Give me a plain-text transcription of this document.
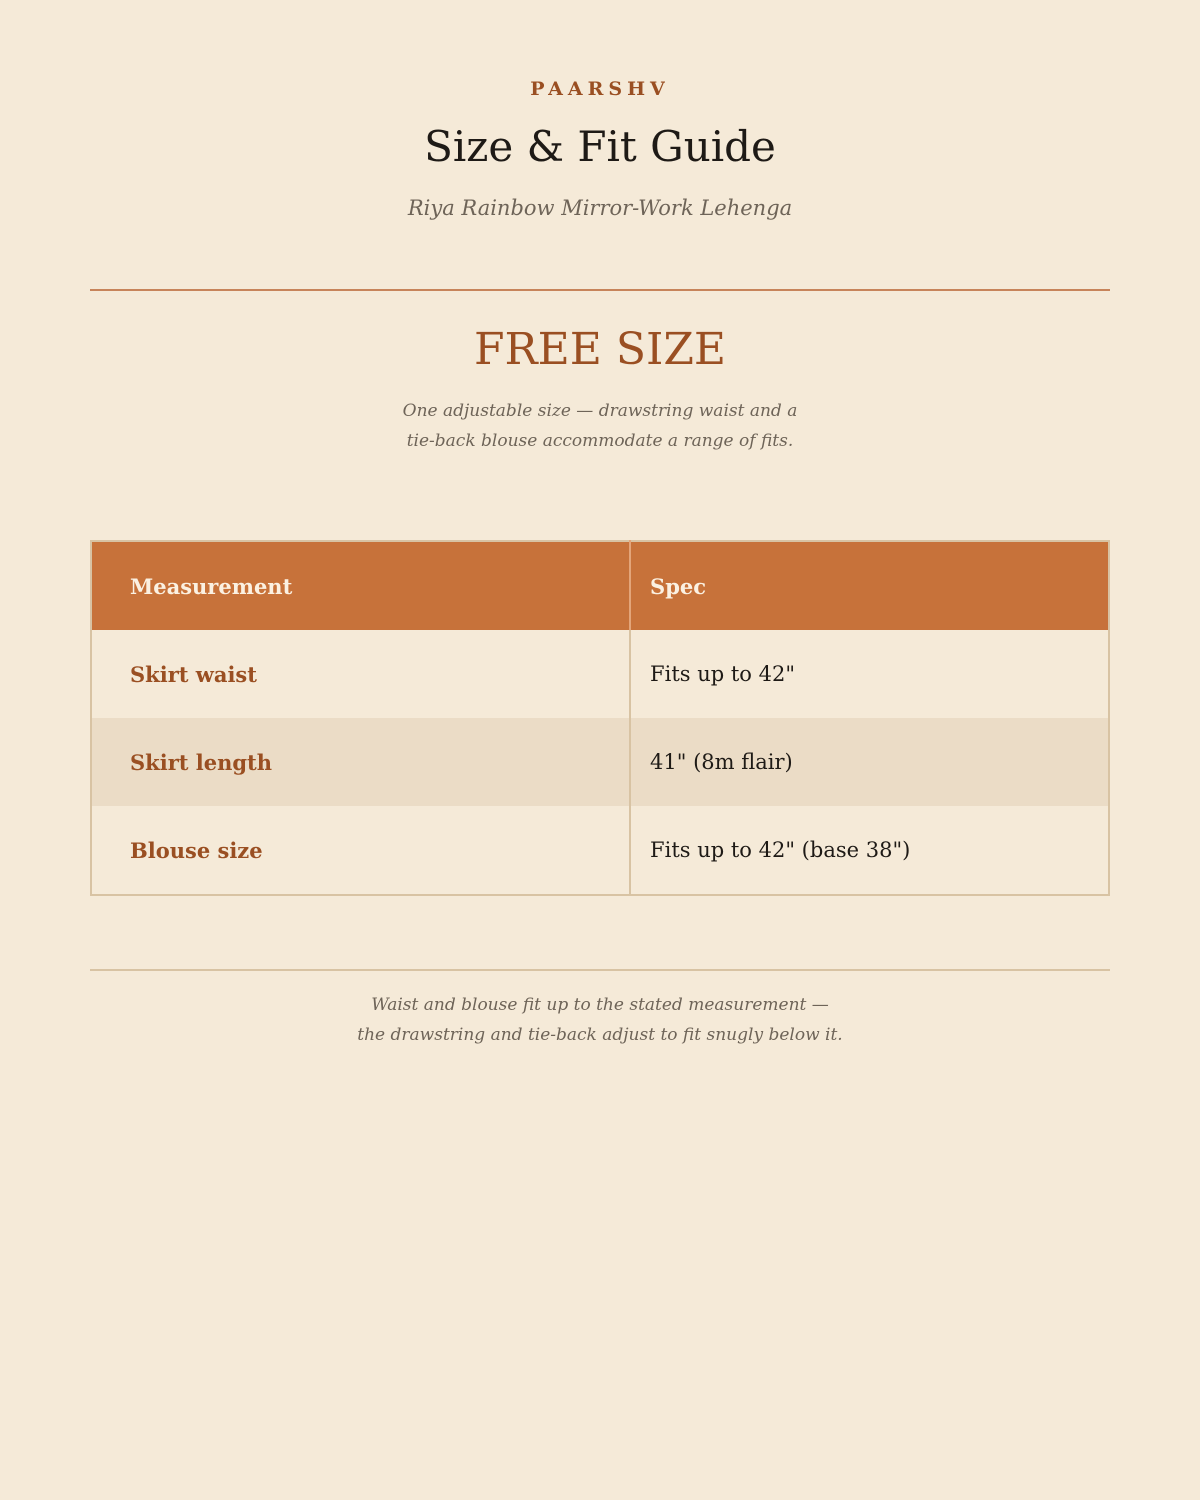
PAARSHV
Size & Fit Guide
Riya Rainbow Mirror-Work Lehenga
FREE SIZE
One adjustable size — drawstring waist and a
tie-back blouse accommodate a range of fits.
Measurement	Spec
Skirt waist	Fits up to 42"
Skirt length	41" (8m flair)
Blouse size	Fits up to 42" (base 38")
Waist and blouse fit up to the stated measurement —
the drawstring and tie-back adjust to fit snugly below it.
